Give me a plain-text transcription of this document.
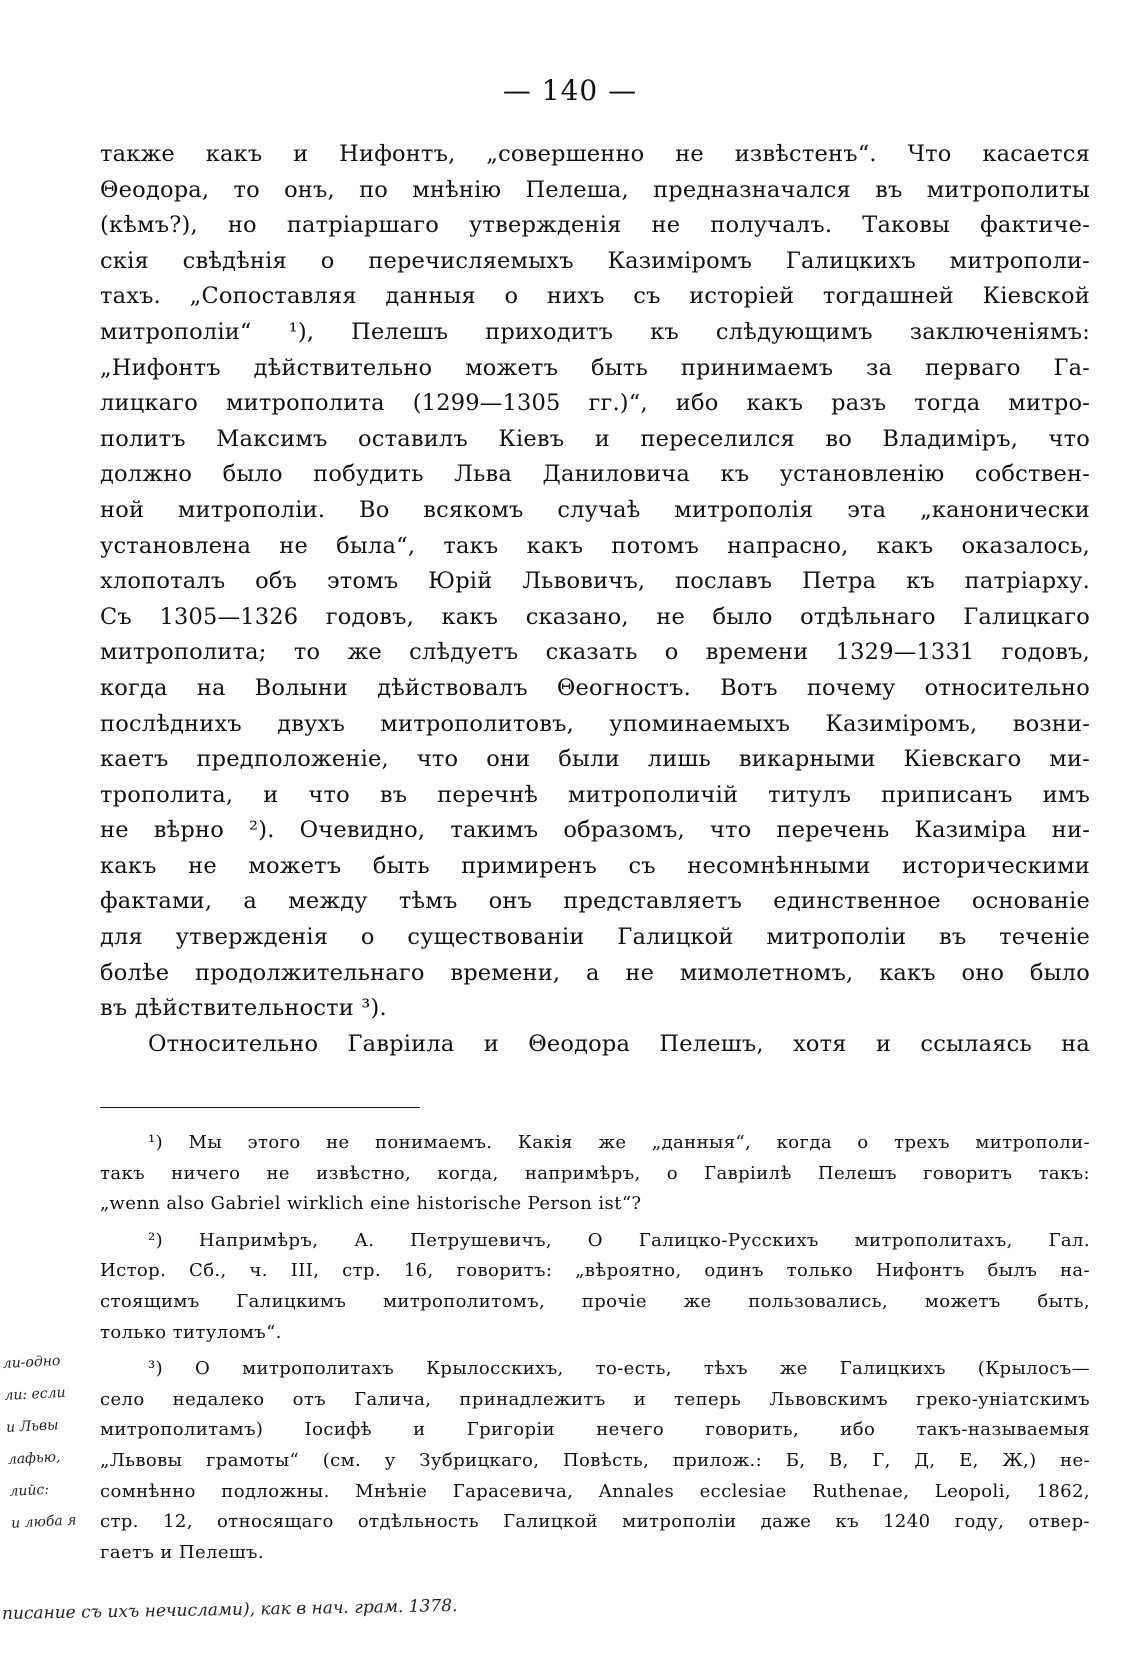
— 140 —
также какъ и Нифонтъ, „совершенно не извѣстенъ“. Что касается
Θеодора, то онъ, по мнѣнію Пелеша, предназначался въ митрополиты
(кѣмъ?), но патріаршаго утвержденія не получалъ. Таковы фактиче-
скія свѣдѣнія о перечисляемыхъ Казиміромъ Галицкихъ митрополи-
тахъ. „Сопоставляя данныя о нихъ съ исторіей тогдашней Кіевской
митрополіи“ ¹), Пелешъ приходитъ къ слѣдующимъ заключеніямъ:
„Нифонтъ дѣйствительно можетъ быть принимаемъ за перваго Га-
лицкаго митрополита (1299—1305 гг.)“, ибо какъ разъ тогда митро-
политъ Максимъ оставилъ Кіевъ и переселился во Владиміръ, что
должно было побудить Льва Даниловича къ установленію собствен-
ной митрополіи. Во всякомъ случаѣ митрополія эта „канонически
установлена не была“, такъ какъ потомъ напрасно, какъ оказалось,
хлопоталъ объ этомъ Юрій Львовичъ, пославъ Петра къ патріарху.
Съ 1305—1326 годовъ, какъ сказано, не было отдѣльнаго Галицкаго
митрополита; то же слѣдуетъ сказать о времени 1329—1331 годовъ,
когда на Волыни дѣйствовалъ Θеогностъ. Вотъ почему относительно
послѣднихъ двухъ митрополитовъ, упоминаемыхъ Казиміромъ, возни-
каетъ предположеніе, что они были лишь викарными Кіевскаго ми-
трополита, и что въ перечнѣ митрополичій титулъ приписанъ имъ
не вѣрно ²). Очевидно, такимъ образомъ, что перечень Казиміра ни-
какъ не можетъ быть примиренъ съ несомнѣнными историческими
фактами, а между тѣмъ онъ представляетъ единственное основаніе
для утвержденія о существованіи Галицкой митрополіи въ теченіе
болѣе продолжительнаго времени, а не мимолетномъ, какъ оно было
въ дѣйствительности ³).
Относительно Гавріила и Θеодора Пелешъ, хотя и ссылаясь на
¹) Мы этого не понимаемъ. Какія же „данныя“, когда о трехъ митрополи-
такъ ничего не извѣстно, когда, напримѣръ, о Гавріилѣ Пелешъ говоритъ такъ:
„wenn also Gabriel wirklich eine historische Person ist“?
²) Напримѣръ, А. Петрушевичъ, О Галицко-Русскихъ митрополитахъ, Гал.
Истор. Сб., ч. III, стр. 16, говоритъ: „вѣроятно, одинъ только Нифонтъ былъ на-
стоящимъ Галицкимъ митрополитомъ, прочіе же пользовались, можетъ быть,
только титуломъ“.
³) О митрополитахъ Крылосскихъ, то-есть, тѣхъ же Галицкихъ (Крылосъ—
село недалеко отъ Галича, принадлежитъ и теперь Львовскимъ греко-уніатскимъ
митрополитамъ) Іосифѣ и Григоріи нечего говорить, ибо такъ-называемыя
„Львовы грамоты“ (см. у Зубрицкаго, Повѣсть, прилож.: Б, В, Г, Д, Е, Ж,) не-
сомнѣнно подложны. Мнѣніе Гарасевича, Annales ecclesiae Ruthenae, Leopoli, 1862,
стр. 12, относящаго отдѣльность Галицкой митрополіи даже къ 1240 году, отвер-
гаетъ и Пелешъ.
ли-одно
ли: если
и Львы
лафью,
лийс:
и люба я
писание съ ихъ нечислами), как в нач. грам. 1378.
